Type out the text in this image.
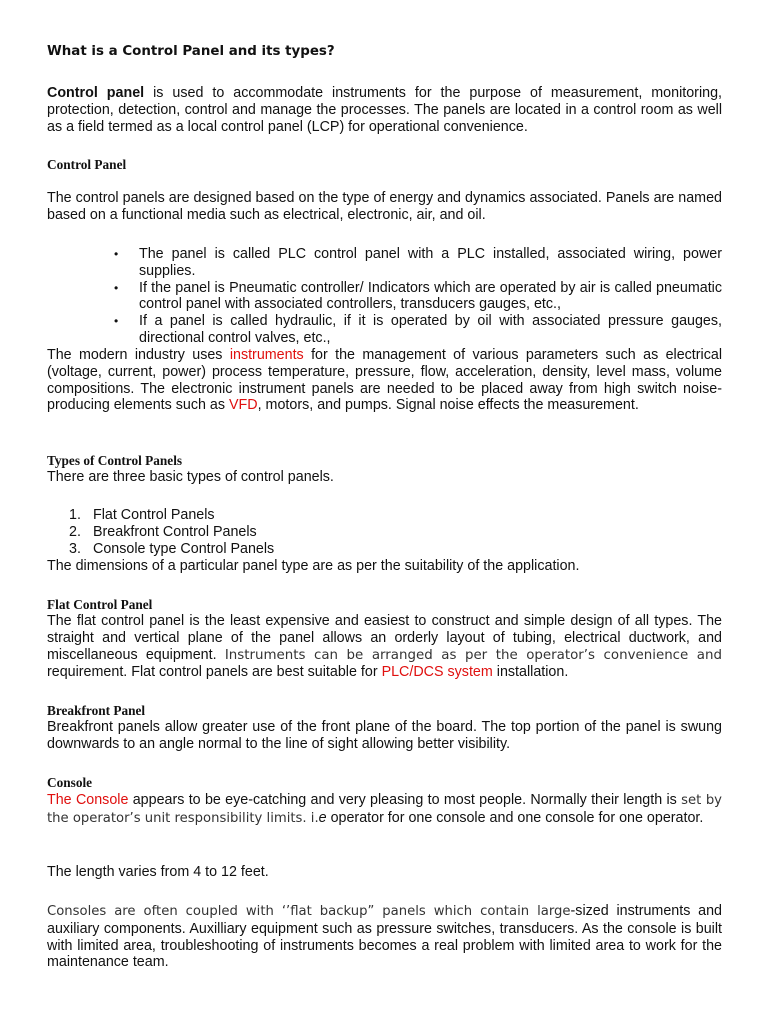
What is a Control Panel and its types?

Control panel is used to accommodate instruments for the purpose of measurement, monitoring, protection, detection, control and manage the processes. The panels are located in a control room as well as a field termed as a local control panel (LCP) for operational convenience.

Control Panel

The control panels are designed based on the type of energy and dynamics associated. Panels are named based on a functional media such as electrical, electronic, air, and oil.

• The panel is called PLC control panel with a PLC installed, associated wiring, power supplies.
• If the panel is Pneumatic controller/ Indicators which are operated by air is called pneumatic control panel with associated controllers, transducers gauges, etc.,
• If a panel is called hydraulic, if it is operated by oil with associated pressure gauges, directional control valves, etc.,

The modern industry uses instruments for the management of various parameters such as electrical (voltage, current, power) process temperature, pressure, flow, acceleration, density, level mass, volume compositions. The electronic instrument panels are needed to be placed away from high switch noise-producing elements such as VFD, motors, and pumps. Signal noise effects the measurement.

Types of Control Panels

There are three basic types of control panels.

1. Flat Control Panels
2. Breakfront Control Panels
3. Console type Control Panels

The dimensions of a particular panel type are as per the suitability of the application.

Flat Control Panel

The flat control panel is the least expensive and easiest to construct and simple design of all types. The straight and vertical plane of the panel allows an orderly layout of tubing, electrical ductwork, and miscellaneous equipment. Instruments can be arranged as per the operator’s convenience and requirement. Flat control panels are best suitable for PLC/DCS system installation.

Breakfront Panel

Breakfront panels allow greater use of the front plane of the board. The top portion of the panel is swung downwards to an angle normal to the line of sight allowing better visibility.

Console

The Console appears to be eye-catching and very pleasing to most people. Normally their length is set by the operator’s unit responsibility limits. i.e operator for one console and one console for one operator.

The length varies from 4 to 12 feet.

Consoles are often coupled with ‘’flat backup” panels which contain large-sized instruments and auxiliary components. Auxilliary equipment such as pressure switches, transducers. As the console is built with limited area, troubleshooting of instruments becomes a real problem with limited area to work for the maintenance team.
